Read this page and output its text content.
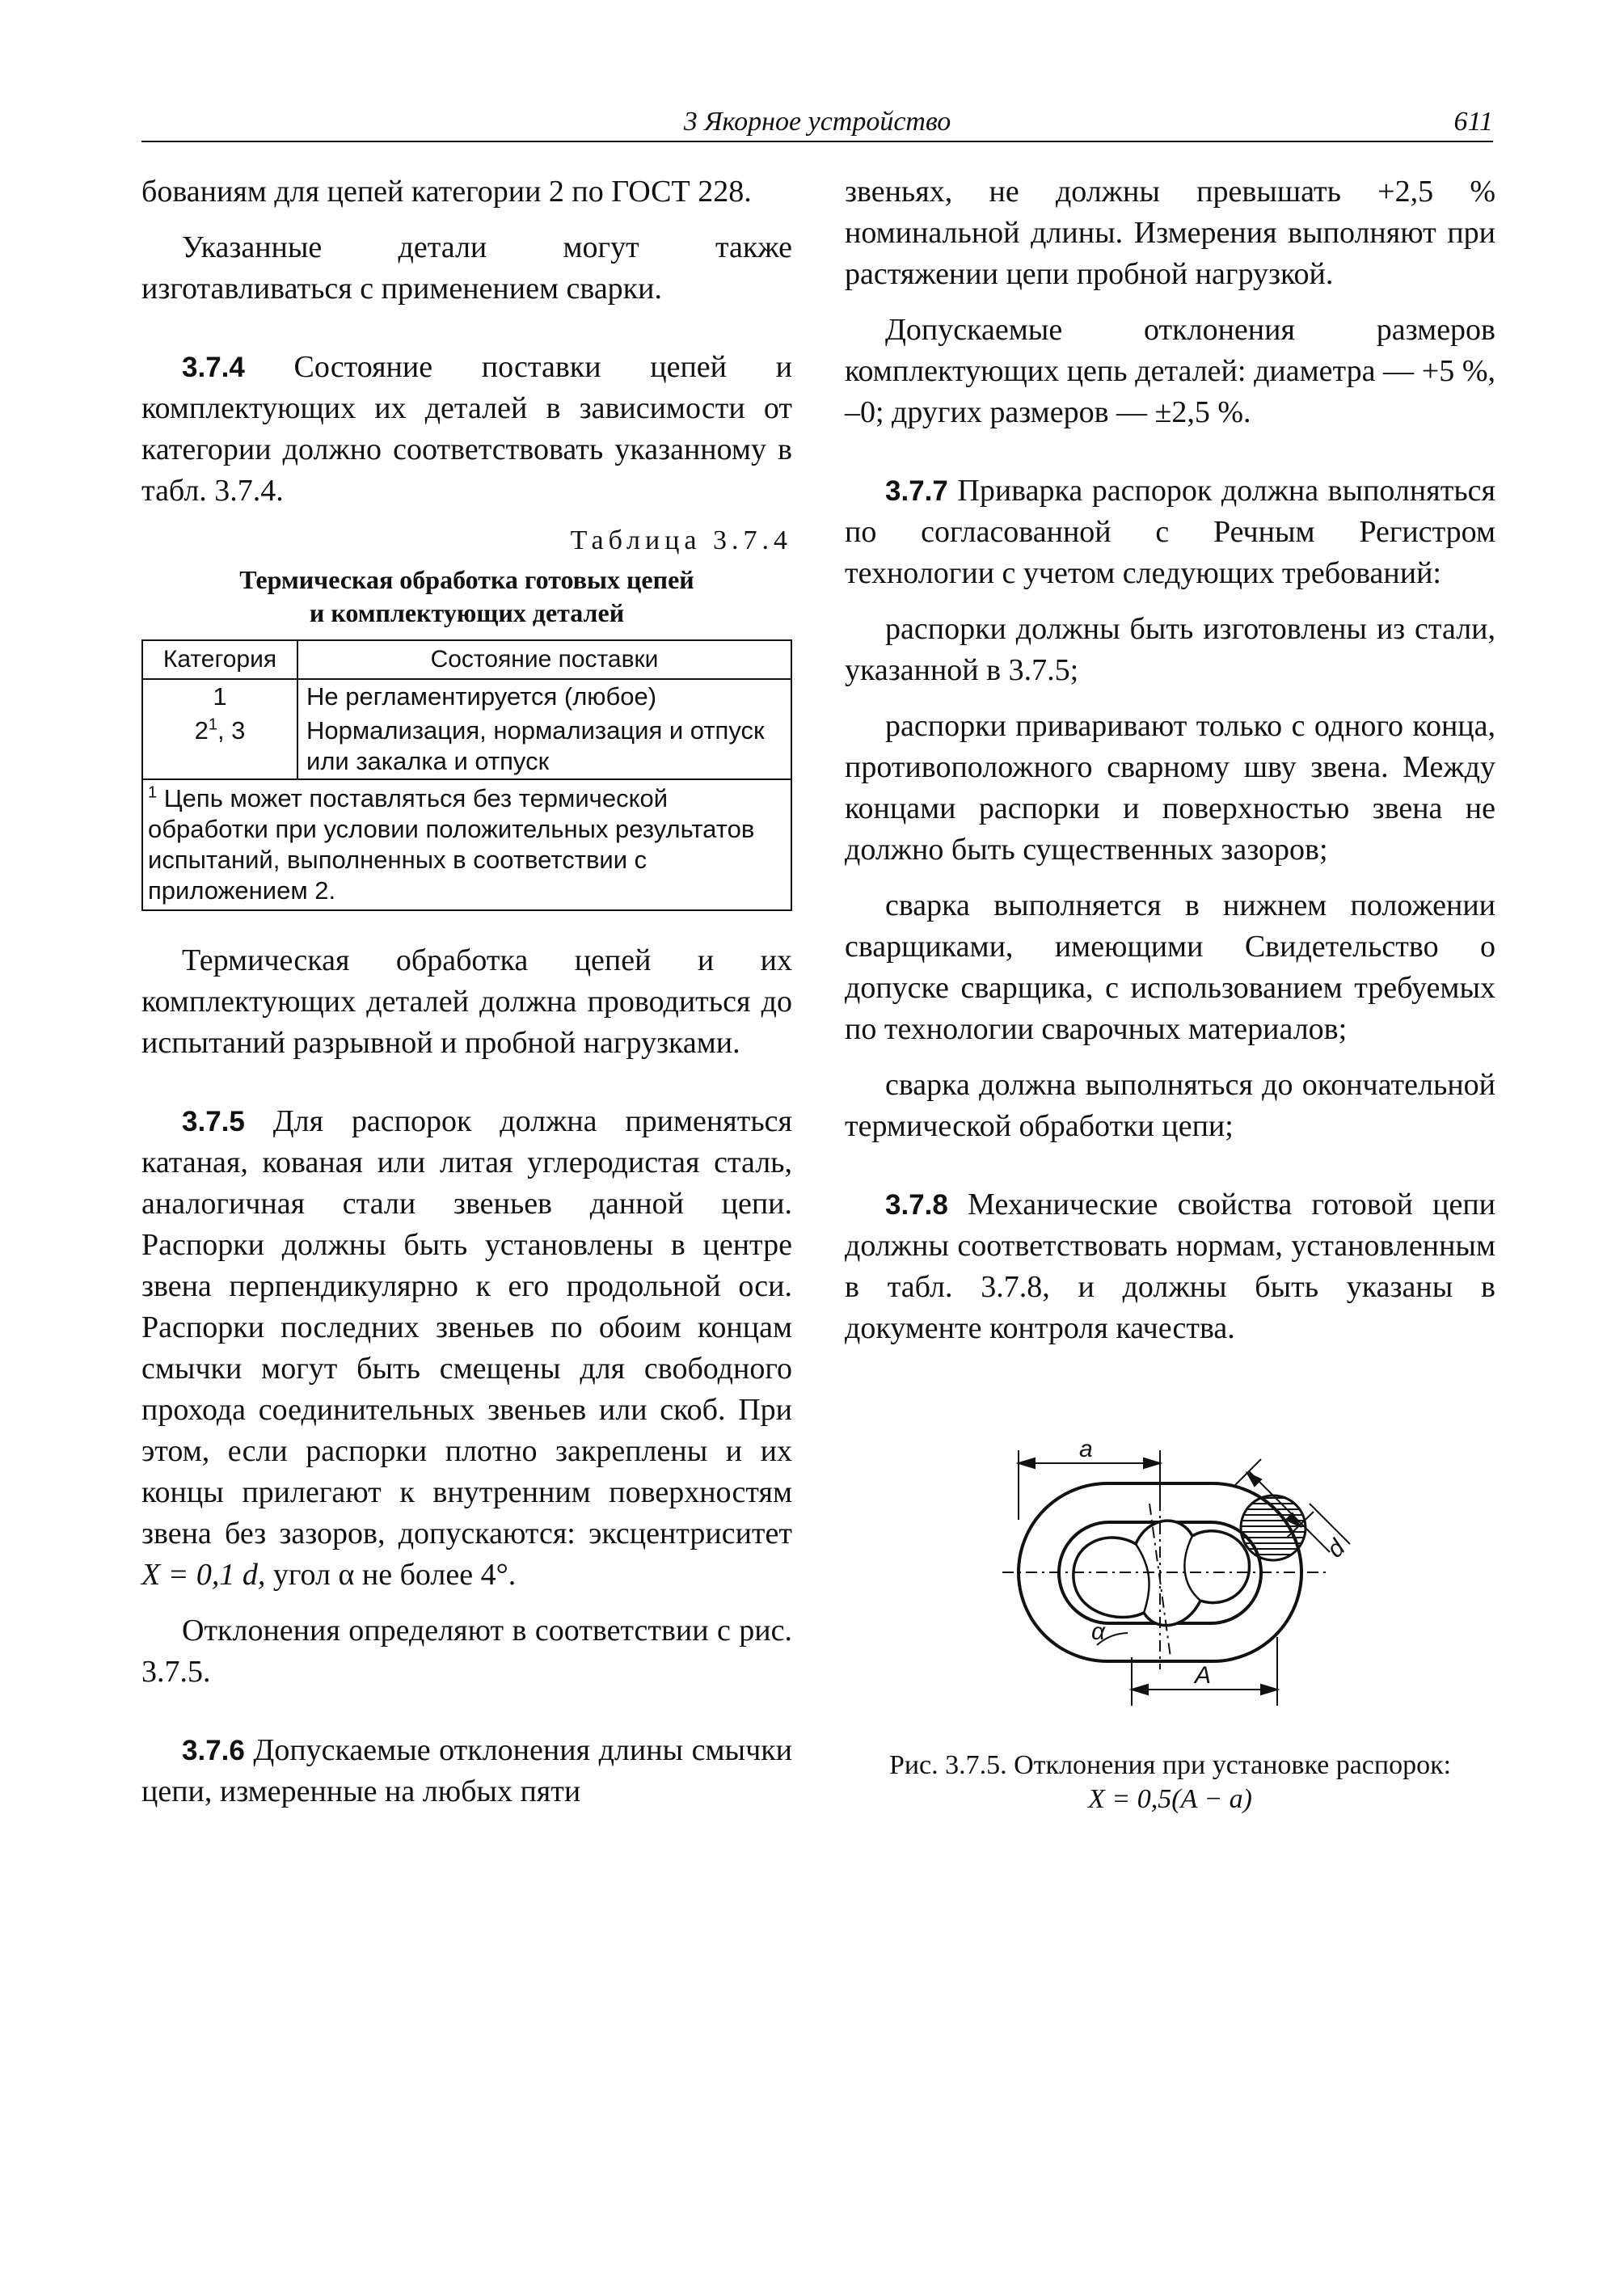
3 Якорное устройство	611

бованиям для цепей категории 2 по ГОСТ 228.

Указанные детали могут также изготавливаться с применением сварки.

3.7.4 Состояние поставки цепей и комплектующих их деталей в зависимости от категории должно соответствовать указанному в табл. 3.7.4.

Таблица 3.7.4
Термическая обработка готовых цепей
и комплектующих деталей
Категория	Состояние поставки
1	Не регламентируется (любое)
$2^1$, 3	Нормализация, нормализация и отпуск или закалка и отпуск
$^1$ Цепь может поставляться без термической обработки при условии положительных результатов испытаний, выполненных в соответствии с приложением 2.	

Термическая обработка цепей и их комплектующих деталей должна проводиться до испытаний разрывной и пробной нагрузками.

3.7.5 Для распорок должна применяться катаная, кованая или литая углеродистая сталь, аналогичная стали звеньев данной цепи. Распорки должны быть установлены в центре звена перпендикулярно к его продольной оси. Распорки последних звеньев по обоим концам смычки могут быть смещены для свободного прохода соединительных звеньев или скоб. При этом, если распорки плотно закреплены и их концы прилегают к внутренним поверхностям звена без зазоров, допускаются: эксцентриситет X = 0,1 d, угол α не более 4°.

Отклонения определяют в соответствии с рис. 3.7.5.

3.7.6 Допускаемые отклонения длины смычки цепи, измеренные на любых пяти

звеньях, не должны превышать +2,5 % номинальной длины. Измерения выполняют при растяжении цепи пробной нагрузкой.

Допускаемые отклонения размеров комплектующих цепь деталей: диаметра — +5 %, –0; других размеров — ±2,5 %.

3.7.7 Приварка распорок должна выполняться по согласованной с Речным Регистром технологии с учетом следующих требований:

распорки должны быть изготовлены из стали, указанной в 3.7.5;

распорки приваривают только с одного конца, противоположного сварному шву звена. Между концами распорки и поверхностью звена не должно быть существенных зазоров;

сварка выполняется в нижнем положении сварщиками, имеющими Свидетельство о допуске сварщика, с использованием требуемых по технологии сварочных материалов;

сварка должна выполняться до окончательной термической обработки цепи;

3.7.8 Механические свойства готовой цепи должны соответствовать нормам, установленным в табл. 3.7.8, и должны быть указаны в документе контроля качества.

a
A
d
α
Рис. 3.7.5. Отклонения при установке распорок:
X = 0,5(A − a)
